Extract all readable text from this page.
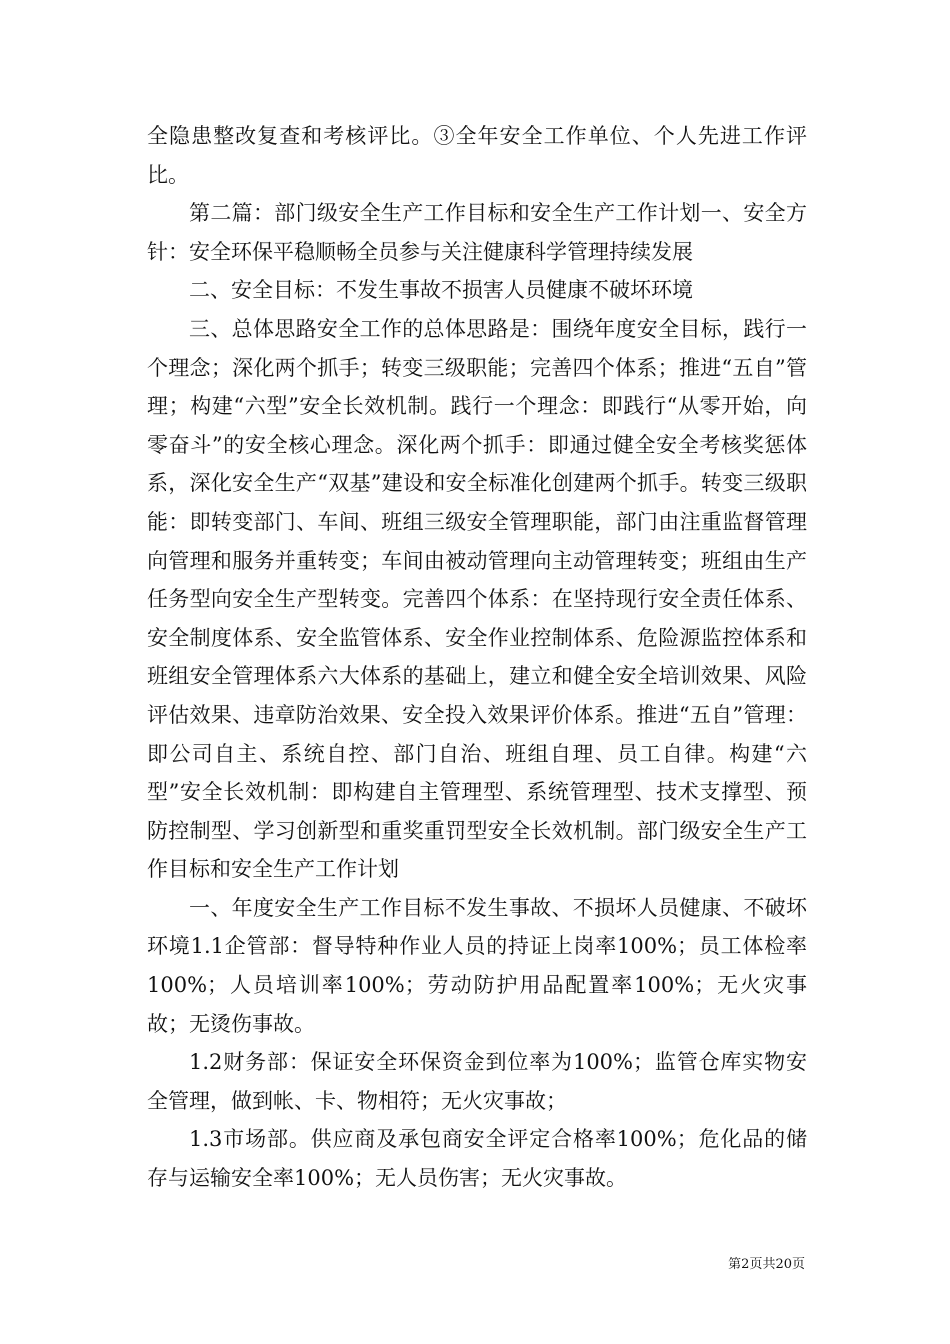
全隐患整改复查和考核评比。③全年安全工作单位、个人先进工作评比。

第二篇：部门级安全生产工作目标和安全生产工作计划一、安全方针：安全环保平稳顺畅全员参与关注健康科学管理持续发展

二、安全目标：不发生事故不损害人员健康不破坏环境

三、总体思路安全工作的总体思路是：围绕年度安全目标，践行一个理念；深化两个抓手；转变三级职能；完善四个体系；推进“五自”管理；构建“六型”安全长效机制。践行一个理念：即践行“从零开始，向零奋斗”的安全核心理念。深化两个抓手：即通过健全安全考核奖惩体系，深化安全生产“双基”建设和安全标准化创建两个抓手。转变三级职能：即转变部门、车间、班组三级安全管理职能，部门由注重监督管理向管理和服务并重转变；车间由被动管理向主动管理转变；班组由生产任务型向安全生产型转变。完善四个体系：在坚持现行安全责任体系、安全制度体系、安全监管体系、安全作业控制体系、危险源监控体系和班组安全管理体系六大体系的基础上，建立和健全安全培训效果、风险评估效果、违章防治效果、安全投入效果评价体系。推进“五自”管理：即公司自主、系统自控、部门自治、班组自理、员工自律。构建“六型”安全长效机制：即构建自主管理型、系统管理型、技术支撑型、预防控制型、学习创新型和重奖重罚型安全长效机制。部门级安全生产工作目标和安全生产工作计划

一、年度安全生产工作目标不发生事故、不损坏人员健康、不破坏环境1.1企管部：督导特种作业人员的持证上岗率100%；员工体检率100%；人员培训率100%；劳动防护用品配置率100%；无火灾事故；无烫伤事故。

1.2财务部：保证安全环保资金到位率为100%；监管仓库实物安全管理，做到帐、卡、物相符；无火灾事故；

1.3市场部。供应商及承包商安全评定合格率100%；危化品的储存与运输安全率100%；无人员伤害；无火灾事故。

第2页共20页
